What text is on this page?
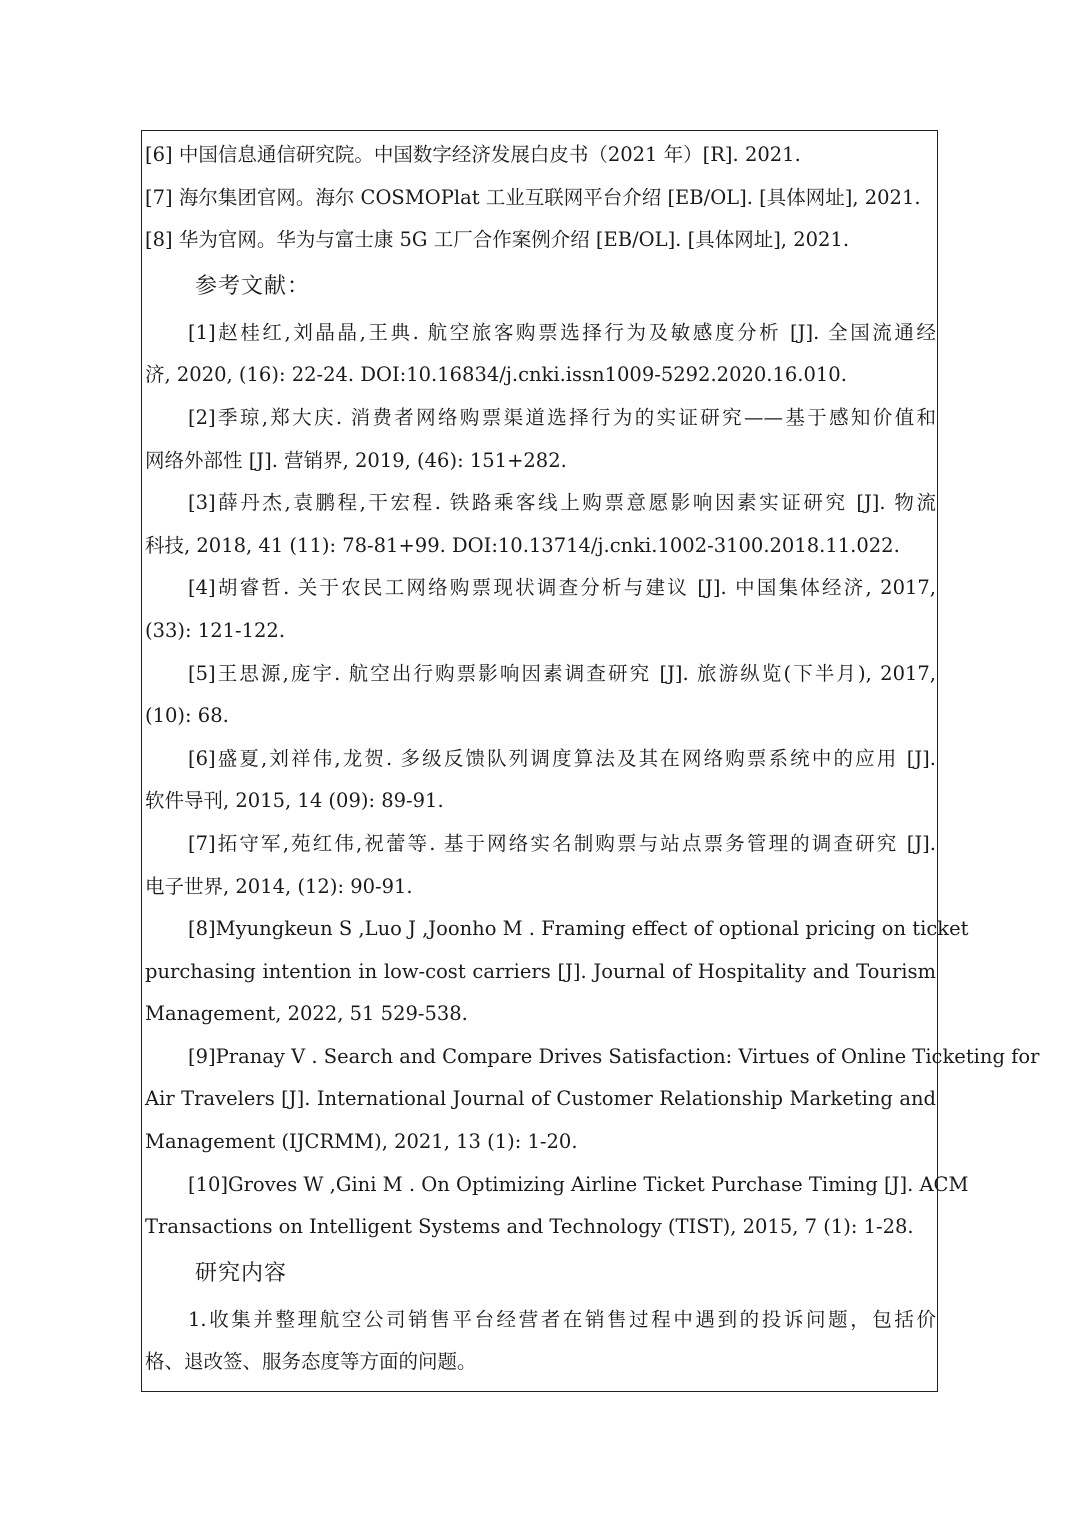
[6] 中国信息通信研究院。中国数字经济发展白皮书（2021 年）[R]. 2021.
[7] 海尔集团官网。海尔 COSMOPlat 工业互联网平台介绍 [EB/OL]. [具体网址], 2021.
[8] 华为官网。华为与富士康 5G 工厂合作案例介绍 [EB/OL]. [具体网址], 2021.
参考文献：
[1]赵桂红,刘晶晶,王典. 航空旅客购票选择行为及敏感度分析 [J]. 全国流通经
济, 2020, (16): 22-24. DOI:10.16834/j.cnki.issn1009-5292.2020.16.010.
[2]季琼,郑大庆. 消费者网络购票渠道选择行为的实证研究——基于感知价值和
网络外部性 [J]. 营销界, 2019, (46): 151+282.
[3]薛丹杰,袁鹏程,干宏程. 铁路乘客线上购票意愿影响因素实证研究 [J]. 物流
科技, 2018, 41 (11): 78-81+99. DOI:10.13714/j.cnki.1002-3100.2018.11.022.
[4]胡睿哲. 关于农民工网络购票现状调查分析与建议 [J]. 中国集体经济, 2017,
(33): 121-122.
[5]王思源,庞宇. 航空出行购票影响因素调查研究 [J]. 旅游纵览(下半月), 2017,
(10): 68.
[6]盛夏,刘祥伟,龙贺. 多级反馈队列调度算法及其在网络购票系统中的应用 [J].
软件导刊, 2015, 14 (09): 89-91.
[7]拓守军,苑红伟,祝蕾等. 基于网络实名制购票与站点票务管理的调查研究 [J].
电子世界, 2014, (12): 90-91.
[8]Myungkeun S ,Luo J ,Joonho M . Framing effect of optional pricing on ticket
purchasing intention in low-cost carriers [J]. Journal of Hospitality and Tourism
Management, 2022, 51 529-538.
[9]Pranay V . Search and Compare Drives Satisfaction: Virtues of Online Ticketing for
Air Travelers [J]. International Journal of Customer Relationship Marketing and
Management (IJCRMM), 2021, 13 (1): 1-20.
[10]Groves W ,Gini M . On Optimizing Airline Ticket Purchase Timing [J]. ACM
Transactions on Intelligent Systems and Technology (TIST), 2015, 7 (1): 1-28.
研究内容
1.收集并整理航空公司销售平台经营者在销售过程中遇到的投诉问题，包括价
格、退改签、服务态度等方面的问题。
